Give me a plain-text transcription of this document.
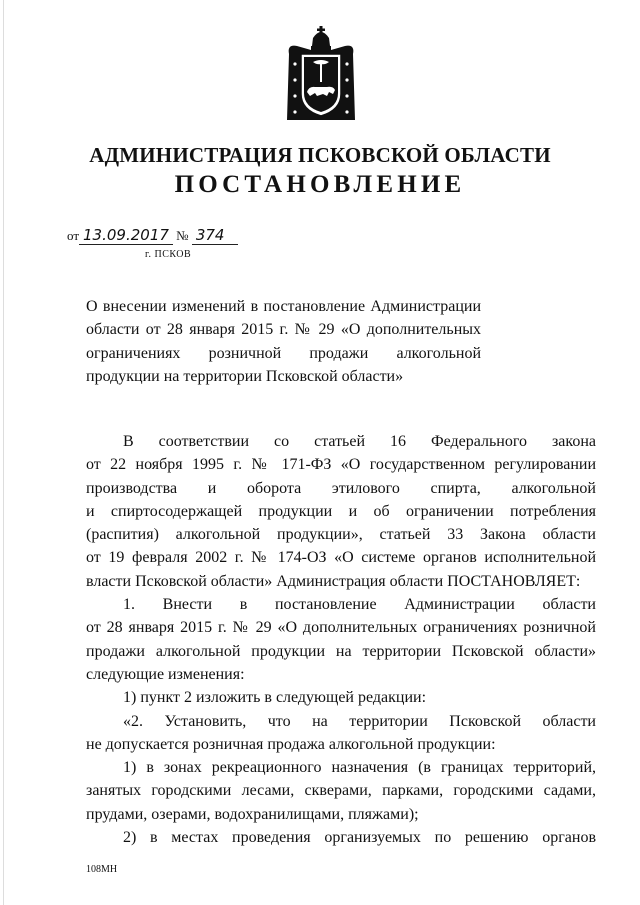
АДМИНИСТРАЦИЯ ПСКОВСКОЙ ОБЛАСТИ
ПОСТАНОВЛЕНИЕ
от 13.09.2017 № 374
г. ПСКОВ
О внесении изменений в постановление Администрации
области от 28 января 2015 г. № 29 «О дополнительных
ограничениях розничной продажи алкогольной
продукции на территории Псковской области»

В соответствии со статьей 16 Федерального закона

от 22 ноября 1995 г. № 171-ФЗ «О государственном регулировании

производства и оборота этилового спирта, алкогольной

и спиртосодержащей продукции и об ограничении потребления

(распития) алкогольной продукции», статьей 33 Закона области

от 19 февраля 2002 г. № 174-ОЗ «О системе органов исполнительной

власти Псковской области» Администрация области ПОСТАНОВЛЯЕТ:

1. Внести в постановление Администрации области

от 28 января 2015 г. № 29 «О дополнительных ограничениях розничной

продажи алкогольной продукции на территории Псковской области»

следующие изменения:

1) пункт 2 изложить в следующей редакции:

«2. Установить, что на территории Псковской области

не допускается розничная продажа алкогольной продукции:

1) в зонах рекреационного назначения (в границах территорий,

занятых городскими лесами, скверами, парками, городскими садами,

прудами, озерами, водохранилищами, пляжами);

2) в местах проведения организуемых по решению органов

108МН
